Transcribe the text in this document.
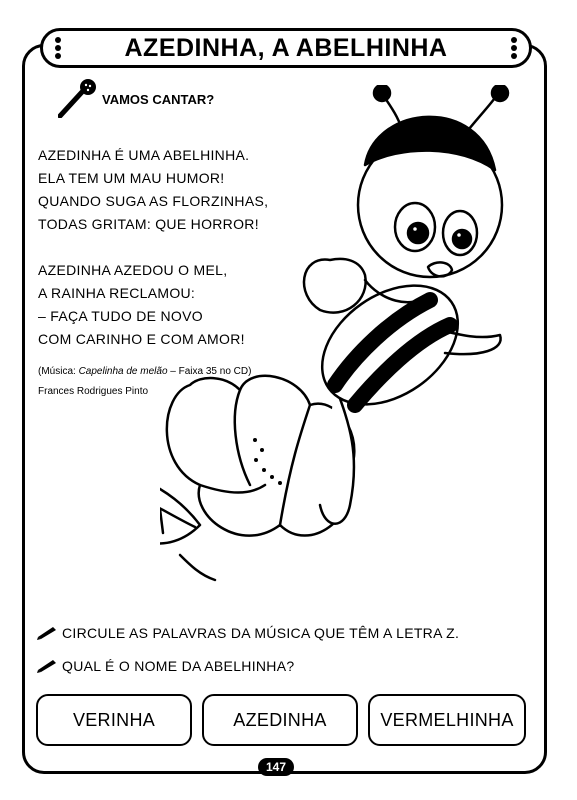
AZEDINHA, A ABELHINHA
VAMOS CANTAR?
AZEDINHA É UMA ABELHINHA.
ELA TEM UM MAU HUMOR!
QUANDO SUGA AS FLORZINHAS,
TODAS GRITAM: QUE HORROR!
AZEDINHA AZEDOU O MEL,
A RAINHA RECLAMOU:
– FAÇA TUDO DE NOVO
COM CARINHO E COM AMOR!
(Música: Capelinha de melão – Faixa 35 no CD)
Frances Rodrigues Pinto
CIRCULE AS PALAVRAS DA MÚSICA QUE TÊM A LETRA Z.
QUAL É O NOME DA ABELHINHA?
VERINHA	AZEDINHA	VERMELHINHA
147
